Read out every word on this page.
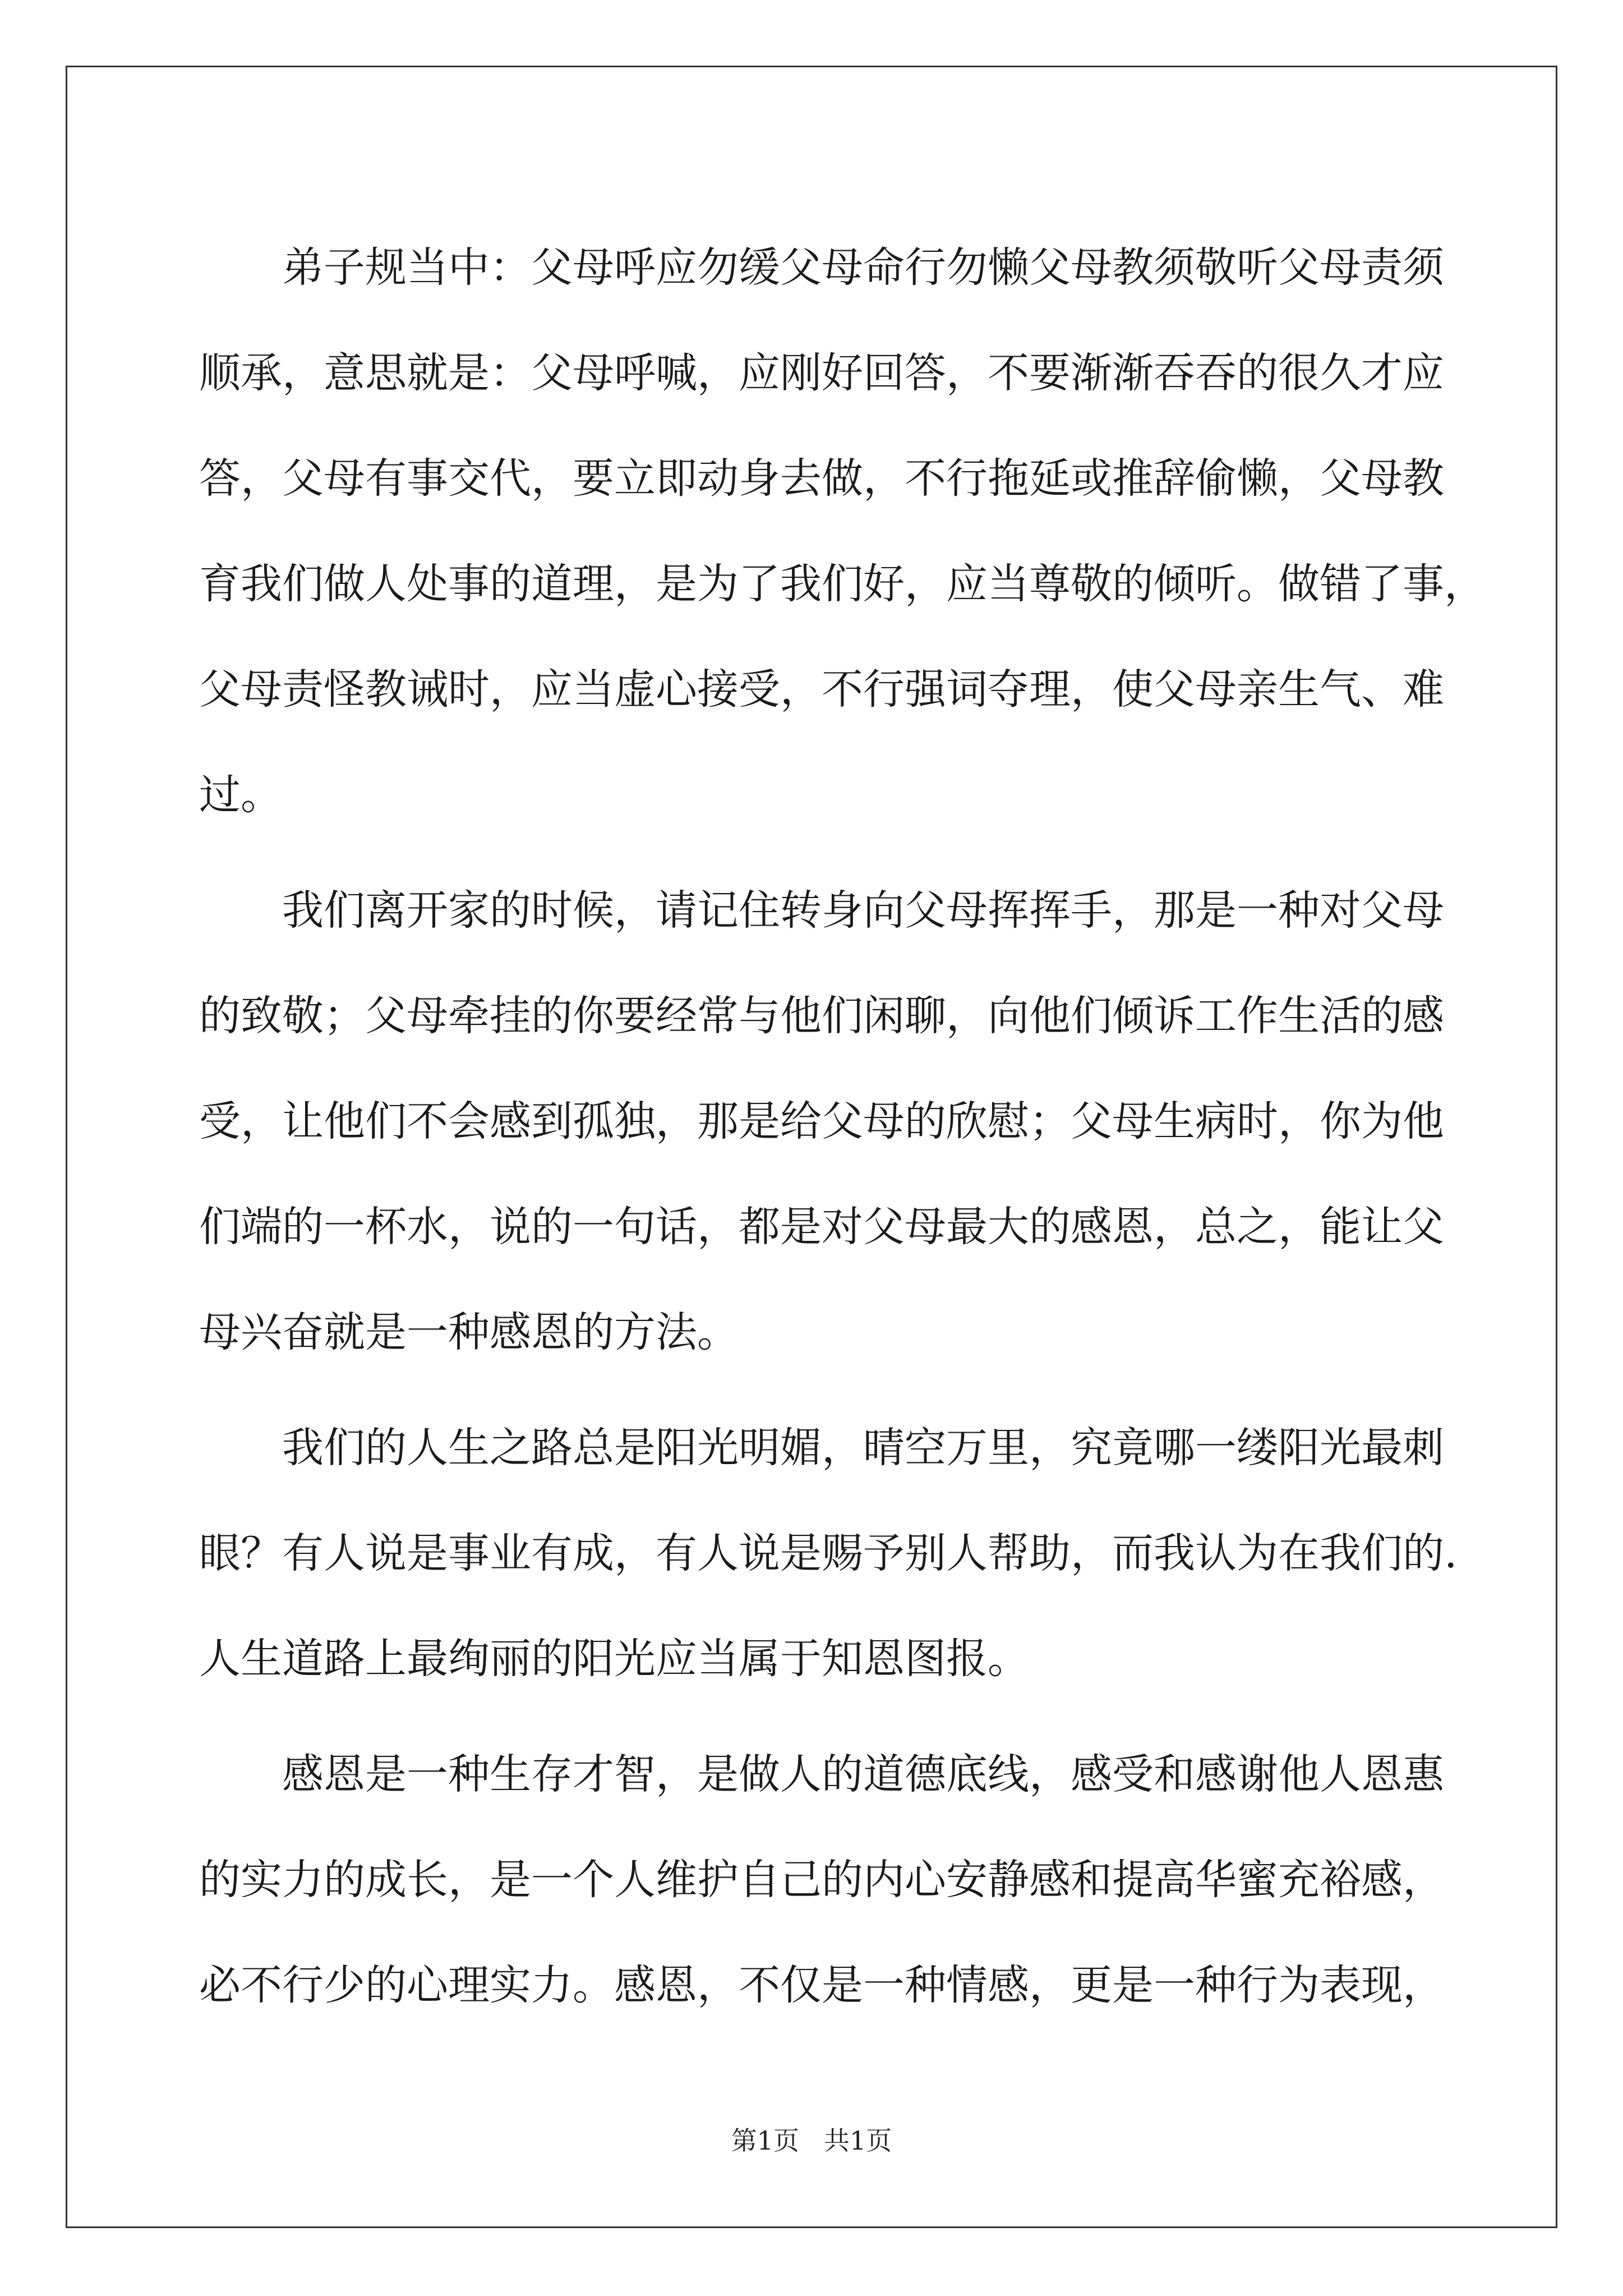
弟子规当中：父母呼应勿缓父母命行勿懒父母教须敬听父母责须
顺承，意思就是：父母呼喊，应刚好回答，不要渐渐吞吞的很久才应
答，父母有事交代，要立即动身去做，不行拖延或推辞偷懒，父母教
育我们做人处事的道理，是为了我们好，应当尊敬的倾听。做错了事，
父母责怪教诫时，应当虚心接受，不行强词夺理，使父母亲生气、难
过。
我们离开家的时候，请记住转身向父母挥挥手，那是一种对父母
的致敬；父母牵挂的你要经常与他们闲聊，向他们倾诉工作生活的感
受，让他们不会感到孤独，那是给父母的欣慰；父母生病时，你为他
们端的一杯水，说的一句话，都是对父母最大的感恩，总之，能让父
母兴奋就是一种感恩的方法。
我们的人生之路总是阳光明媚，晴空万里，究竟哪一缕阳光最刺
眼？有人说是事业有成，有人说是赐予别人帮助，而我认为在我们的.
人生道路上最绚丽的阳光应当属于知恩图报。
感恩是一种生存才智，是做人的道德底线，感受和感谢他人恩惠
的实力的成长，是一个人维护自己的内心安静感和提高华蜜充裕感，
必不行少的心理实力。感恩，不仅是一种情感，更是一种行为表现，
第1页 共1页
